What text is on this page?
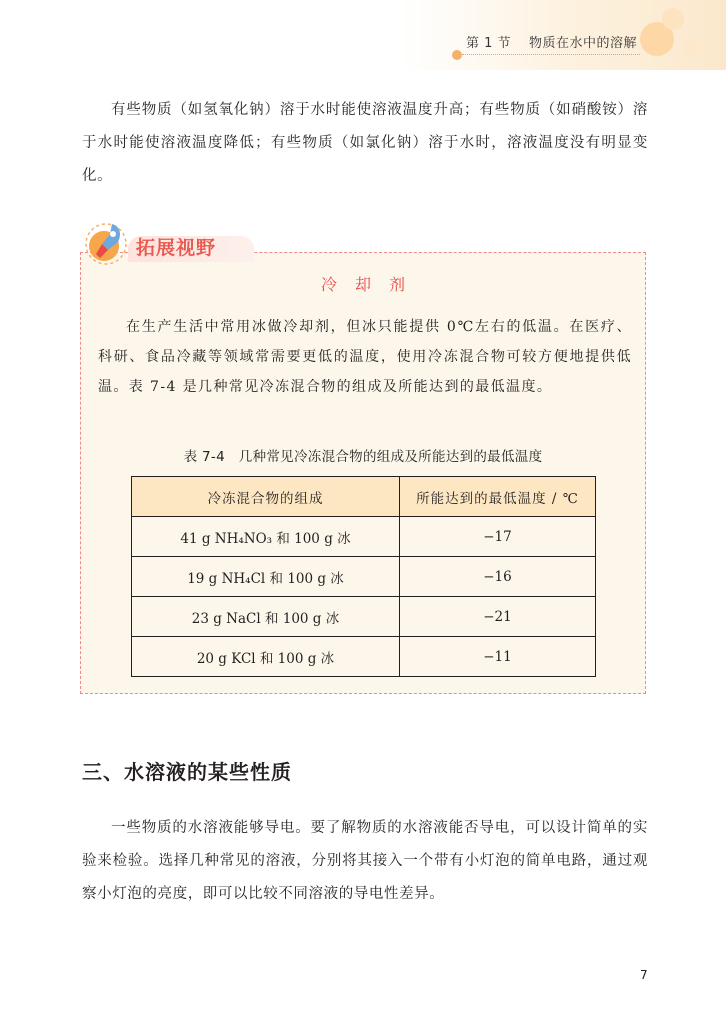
第 1 节 物质在水中的溶解

有些物质（如氢氧化钠）溶于水时能使溶液温度升高；有些物质（如硝酸铵）溶于水时能使溶液温度降低；有些物质（如氯化钠）溶于水时，溶液温度没有明显变化。

拓展视野
冷却剂

在生产生活中常用冰做冷却剂，但冰只能提供 0℃左右的低温。在医疗、科研、食品冷藏等领域常需要更低的温度，使用冷冻混合物可较方便地提供低温。表 7-4 是几种常见冷冻混合物的组成及所能达到的最低温度。

表 7-4　几种常见冷冻混合物的组成及所能达到的最低温度
冷冻混合物的组成	所能达到的最低温度 / ℃
41 g NH₄NO₃ 和 100 g 冰	−17
19 g NH₄Cl 和 100 g 冰	−16
23 g NaCl 和 100 g 冰	−21
20 g KCl 和 100 g 冰	−11
三、水溶液的某些性质

一些物质的水溶液能够导电。要了解物质的水溶液能否导电，可以设计简单的实验来检验。选择几种常见的溶液，分别将其接入一个带有小灯泡的简单电路，通过观察小灯泡的亮度，即可以比较不同溶液的导电性差异。

7
